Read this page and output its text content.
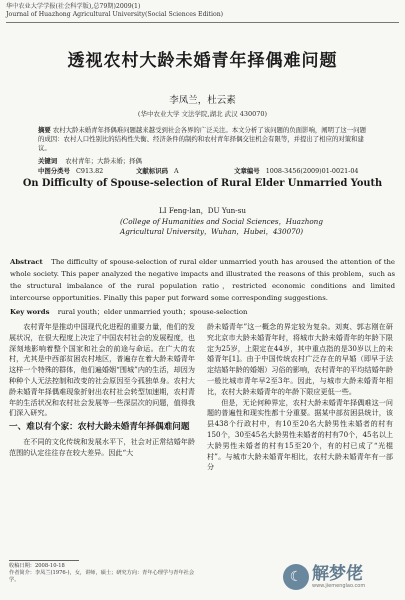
华中农业大学学报(社会科学版),总79期)2009(1)
Journal of Huazhong Agricultural University(Social Sciences Edition)
透视农村大龄未婚青年择偶难问题
李凤兰，杜云素
(华中农业大学 文法学院,湖北 武汉 430070)
摘要 农村大龄未婚青年择偶难问题越来越受到社会各界的广泛关注。本文分析了该问题的负面影响，阐明了这一问题的成因：农村人口性别比的结构性失衡、经济条件的制约和农村青年择偶交往机会有限等，并提出了相应的对策和建议。
关键词 农村青年；大龄未婚；择偶
中图分类号 C913.82	文献标识码 A	文章编号 1008-3456(2009)01-0021-04
On Difficulty of Spouse-selection of Rural Elder Unmarried Youth
LI Feng-lan，DU Yun-su
(College of Humanities and Social Sciences，Huazhong Agricultural University，Wuhan，Hubei，430070)
Abstract The difficulty of spouse-selection of rural elder unmarried youth has aroused the attention of the whole society. This paper analyzed the negative impacts and illustrated the reasons of this problem，such as the structural imbalance of the rural population ratio，restricted economic conditions and limited intercourse opportunities. Finally this paper put forward some corresponding suggestions.
Key words rural youth；elder unmarried youth；spouse-selection

农村青年是推动中国现代化进程的重要力量，他们的发展状况，在很大程度上决定了中国农村社会的发展程度，也深刻地影响着整个国家和社会的前途与命运。在广大的农村，尤其是中西部贫困农村地区，普遍存在着大龄未婚青年这样一个特殊的群体，他们遍婚姻“围城”内的生活，却因为种种个人无法控制和改变的社会原因至今孤独单身。农村大龄未婚青年择偶难现象折射出农村社会转型加速期，农村青年的生活状况和农村社会发展等一些深层次的问题，值得我们深入研究。

一、难以有个家：农村大龄未婚青年择偶难问题

在不同的文化传统和发展水平下，社会对正常结婚年龄范围的认定往往存在较大差异。因此“大

龄未婚青年”这一概念的界定较为复杂。刘爽、郭志刚在研究北京市大龄未婚青年时，将城市大龄未婚青年的年龄下限定为25岁，上限定在44岁，其中重点指的是30岁以上的未婚青年[1]。由于中国传统农村广泛存在的早婚（即早于法定结婚年龄的婚姻）习俗的影响，农村青年的平均结婚年龄一般比城市青年早2至3年。因此，与城市大龄未婚青年相比，农村大龄未婚青年的年龄下限应更低一些。

但是，无论何种界定，农村大龄未婚青年择偶难这一问题的普遍性和现实性都十分重要。据某中部贫困县统计，该县438个行政村中，有10至20名大龄男性未婚者的村有150个，30至45名大龄男性未婚者的村有70个，45名以上大龄男性未婚者的村有15至20个，有的村已成了“光棍村”。与城市大龄未婚青年相比，农村大龄未婚青年有一部分

收稿日期：2008-10-18
作者简介：李凤兰(1976-)，女，讲师，硕士；研究方向：青年心理学与青年社会学。	☾ 解梦佬
www.jiemenglao.com
